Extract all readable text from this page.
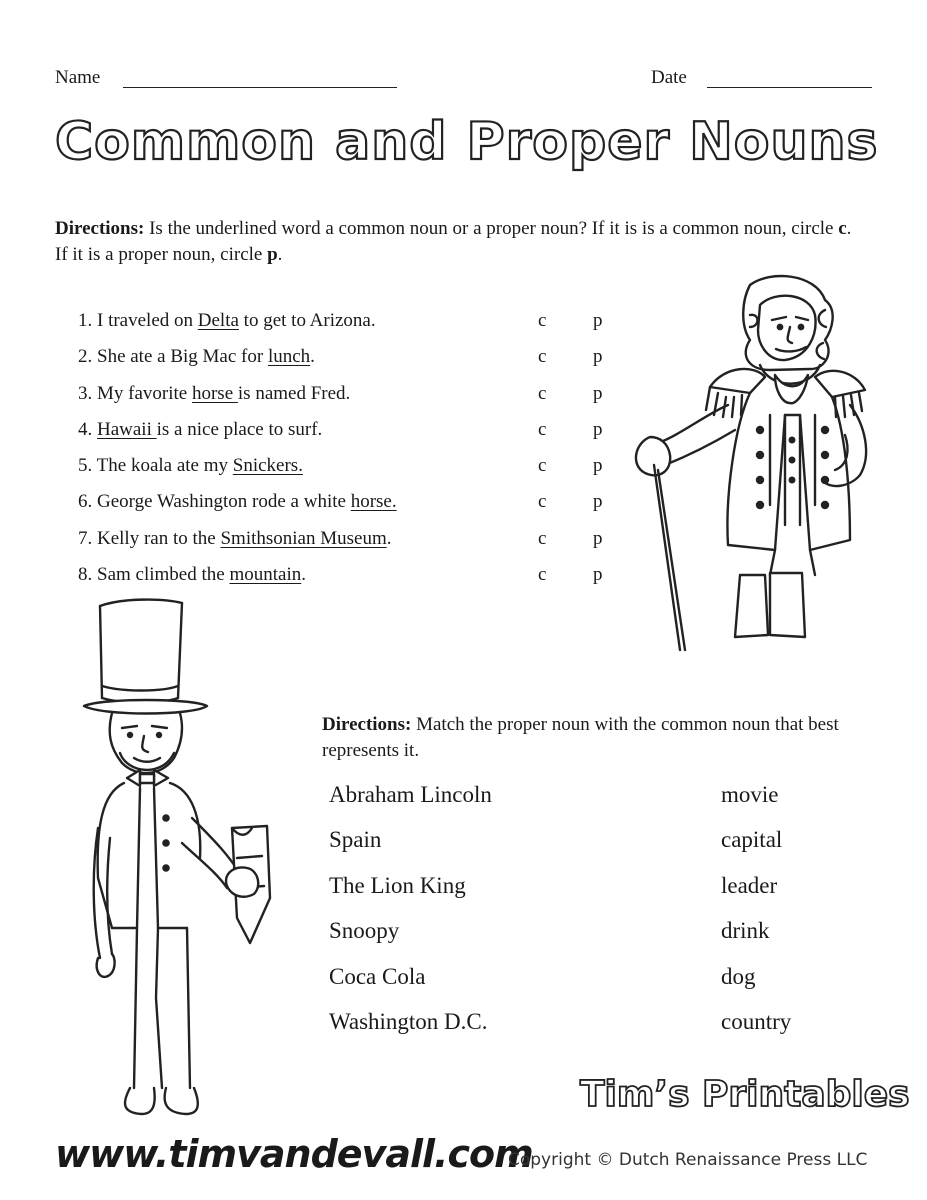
Name	Date
Common and Proper Nouns
Directions: Is the underlined word a common noun or a proper noun? If it is is a common noun, circle c. If it is a proper noun, circle p.
1. I traveled on Delta to get to Arizona.	c p
2. She ate a Big Mac for lunch.	c p
3. My favorite horse is named Fred.	c p
4. Hawaii is a nice place to surf.	c p
5. The koala ate my Snickers.	c p
6. George Washington rode a white horse.	c p
7. Kelly ran to the Smithsonian Museum.	c p
8. Sam climbed the mountain.	c p
Directions: Match the proper noun with the common noun that best represents it.
Abraham Lincoln	movie
Spain	capital
The Lion King	leader
Snoopy	drink
Coca Cola	dog
Washington D.C.	country
Tim’s Printables
www.timvandevall.com
Copyright © Dutch Renaissance Press LLC
